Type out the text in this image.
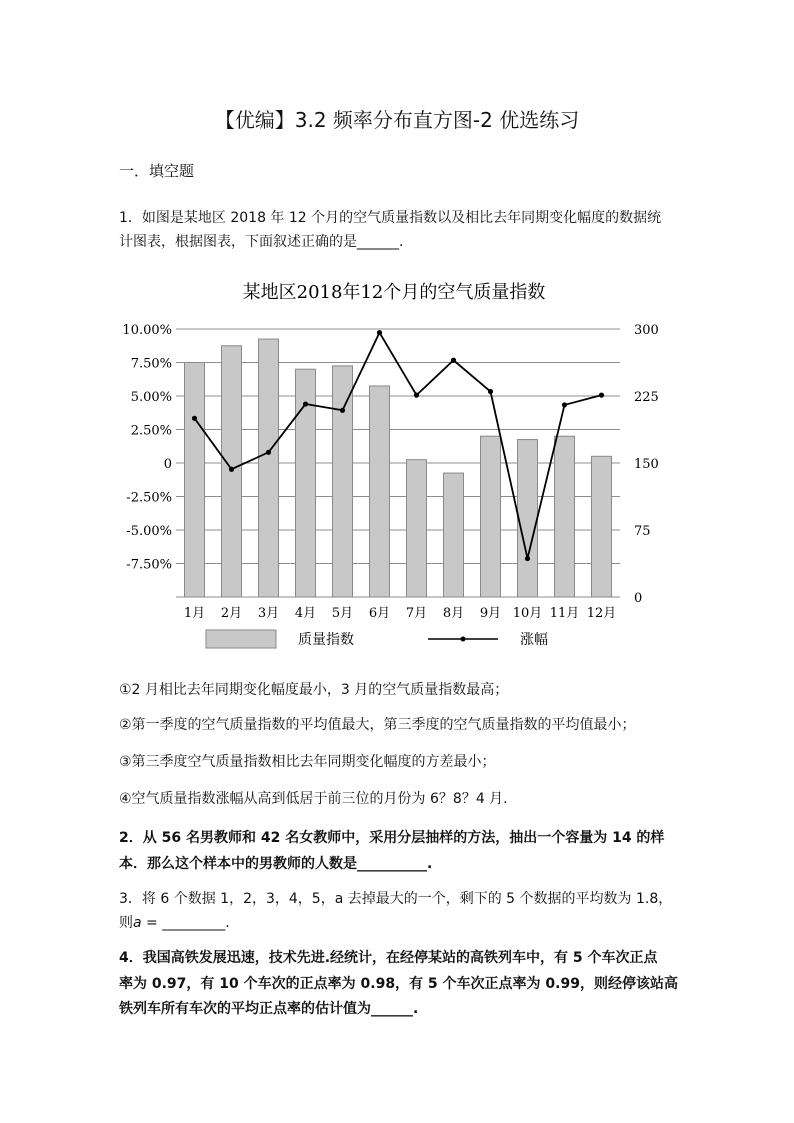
【优编】3.2 频率分布直方图-2 优选练习
一．填空题
1．如图是某地区 2018 年 12 个月的空气质量指数以及相比去年同期变化幅度的数据统
计图表，根据图表，下面叙述正确的是______.
某地区2018年12个月的空气质量指数
10.00%
7.50%
5.00%
2.50%
0
-2.50%
-5.00%
-7.50%
300
225
150
75
0
1月 2月 3月 4月 5月 6月 7月 8月 9月 10月 11月 12月
质量指数	涨幅
①2 月相比去年同期变化幅度最小，3 月的空气质量指数最高；
②第一季度的空气质量指数的平均值最大，第三季度的空气质量指数的平均值最小；
③第三季度空气质量指数相比去年同期变化幅度的方差最小；
④空气质量指数涨幅从高到低居于前三位的月份为 6？8？4 月.
2．从 56 名男教师和 42 名女教师中，采用分层抽样的方法，抽出一个容量为 14 的样
本．那么这个样本中的男教师的人数是__________.
3．将 6 个数据 1，2，3，4，5，a 去掉最大的一个，剩下的 5 个数据的平均数为 1.8，
则a = _________.
4．我国高铁发展迅速，技术先进.经统计，在经停某站的高铁列车中，有 5 个车次正点
率为 0.97，有 10 个车次的正点率为 0.98，有 5 个车次正点率为 0.99，则经停该站高
铁列车所有车次的平均正点率的估计值为______.
